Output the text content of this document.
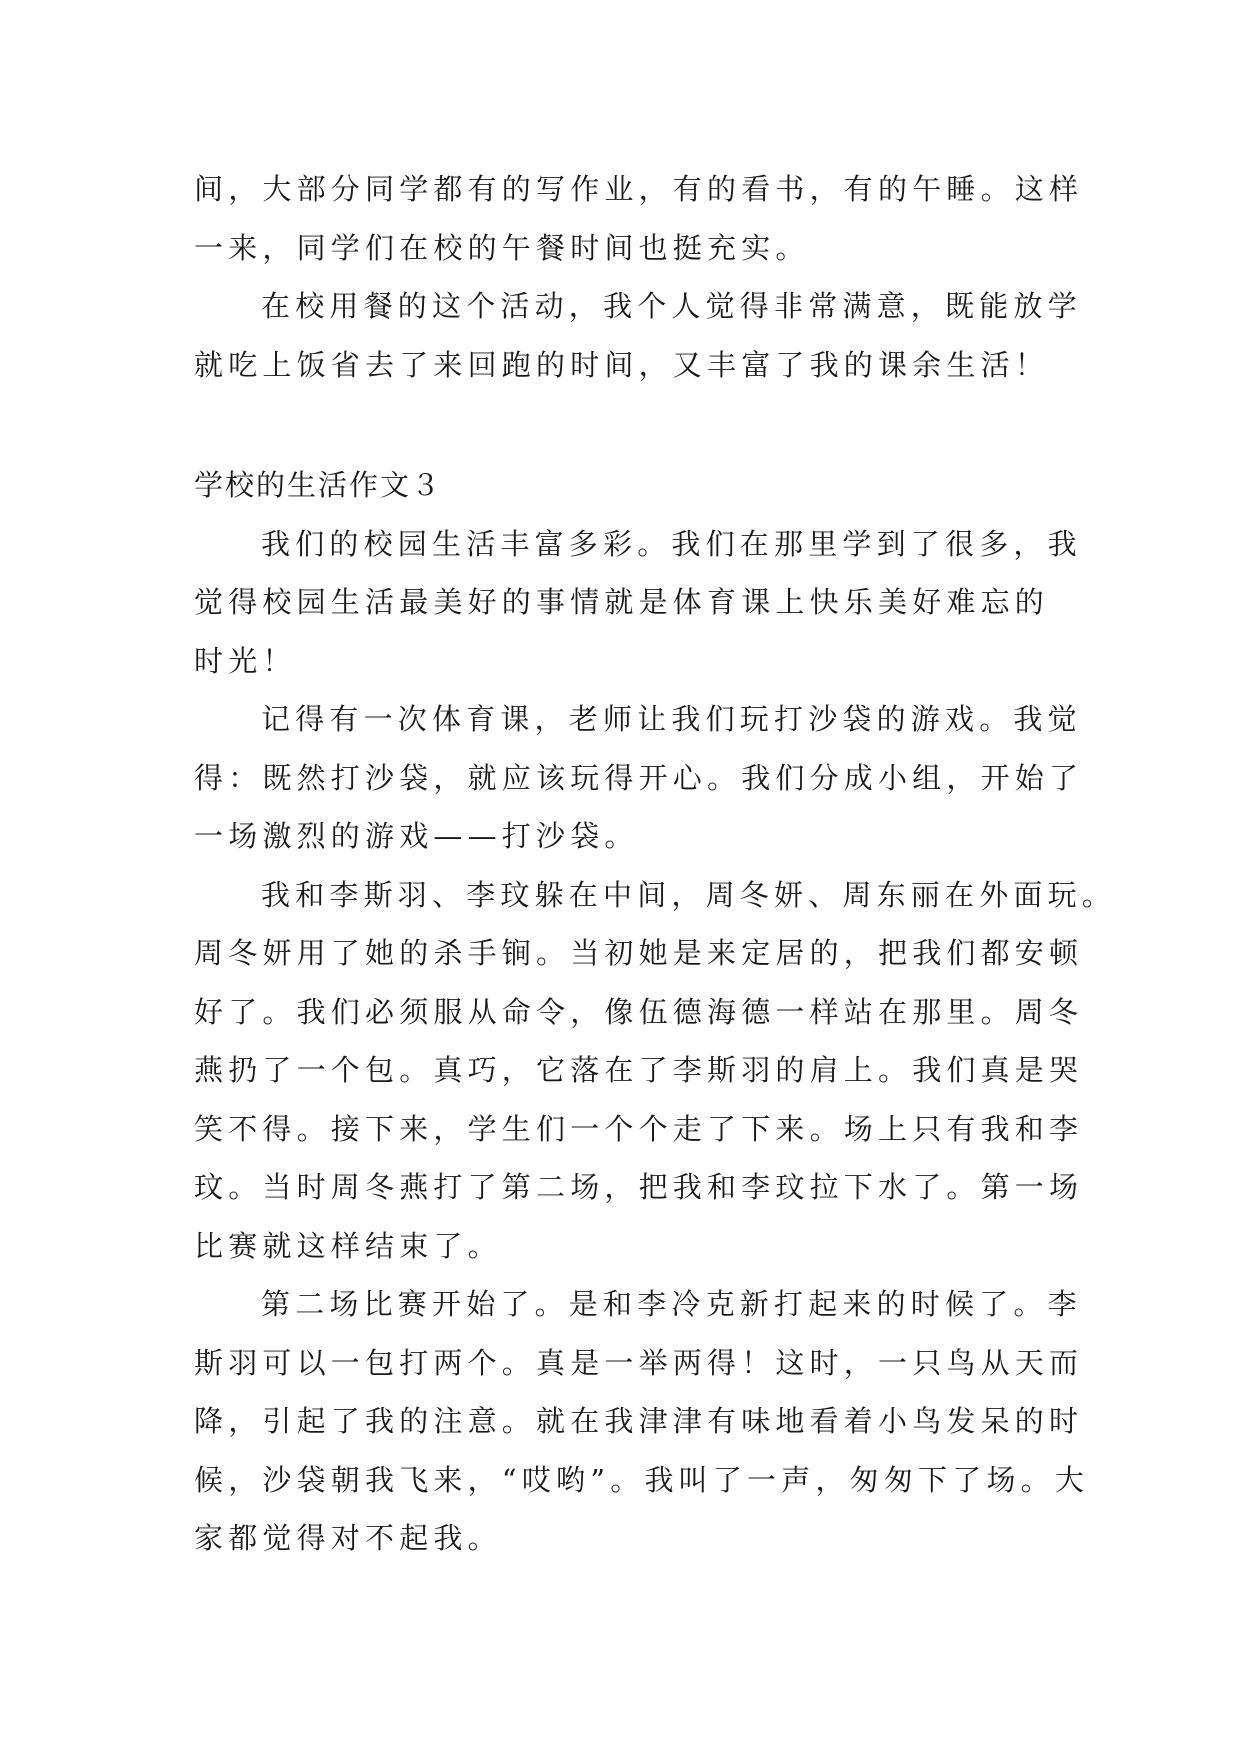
间，大部分同学都有的写作业，有的看书，有的午睡。这样
一来，同学们在校的午餐时间也挺充实。
在校用餐的这个活动，我个人觉得非常满意，既能放学
就吃上饭省去了来回跑的时间，又丰富了我的课余生活！
学校的生活作文３
我们的校园生活丰富多彩。我们在那里学到了很多，我
觉得校园生活最美好的事情就是体育课上快乐美好难忘的
时光！
记得有一次体育课，老师让我们玩打沙袋的游戏。我觉
得：既然打沙袋，就应该玩得开心。我们分成小组，开始了
一场激烈的游戏——打沙袋。
我和李斯羽、李玟躲在中间，周冬妍、周东丽在外面玩。
周冬妍用了她的杀手锏。当初她是来定居的，把我们都安顿
好了。我们必须服从命令，像伍德海德一样站在那里。周冬
燕扔了一个包。真巧，它落在了李斯羽的肩上。我们真是哭
笑不得。接下来，学生们一个个走了下来。场上只有我和李
玟。当时周冬燕打了第二场，把我和李玟拉下水了。第一场
比赛就这样结束了。
第二场比赛开始了。是和李冷克新打起来的时候了。李
斯羽可以一包打两个。真是一举两得！这时，一只鸟从天而
降，引起了我的注意。就在我津津有味地看着小鸟发呆的时
候，沙袋朝我飞来，“哎哟”。我叫了一声，匆匆下了场。大
家都觉得对不起我。
